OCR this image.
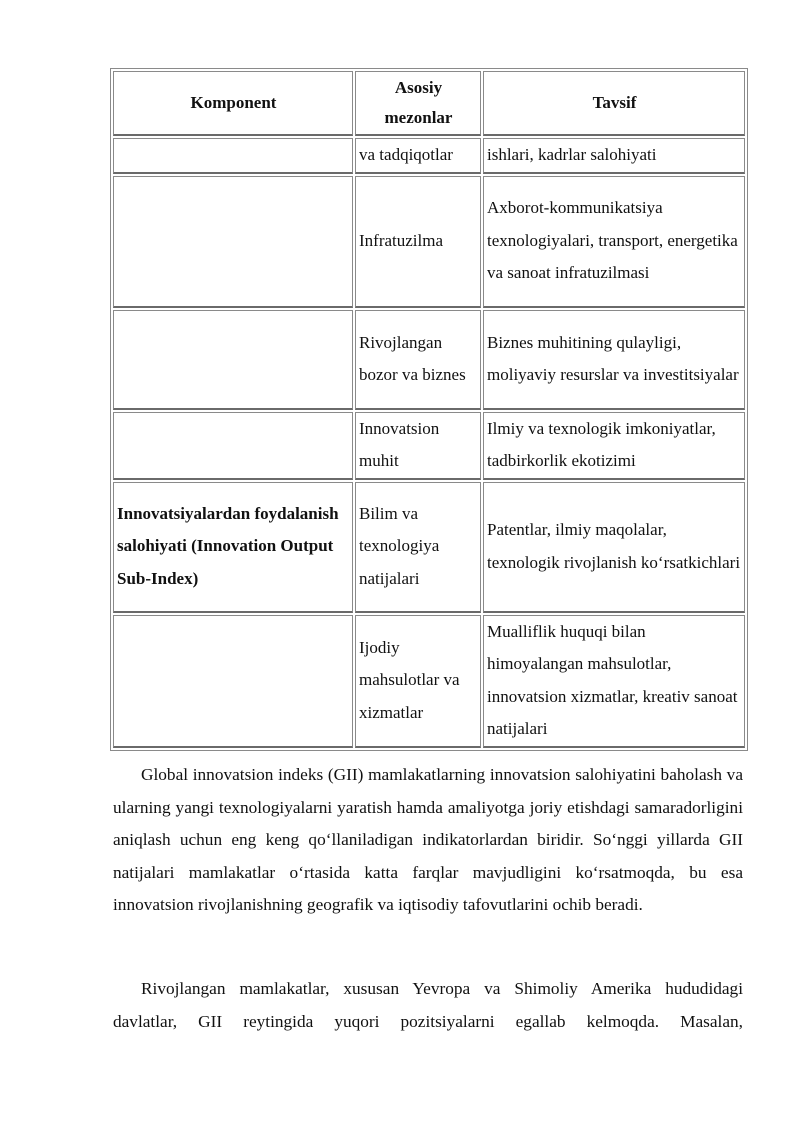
Komponent	Asosiy mezonlar	Tavsif
	va tadqiqotlar	ishlari, kadrlar salohiyati
	Infratuzilma	Axborot-kommunikatsiya texnologiyalari, transport, energetika va sanoat infratuzilmasi
	Rivojlangan bozor va biznes	Biznes muhitining qulayligi, moliyaviy resurslar va investitsiyalar
	Innovatsion muhit	Ilmiy va texnologik imkoniyatlar, tadbirkorlik ekotizimi
Innovatsiyalardan foydalanish salohiyati (Innovation Output Sub-Index)	Bilim va texnologiya natijalari	Patentlar, ilmiy maqolalar, texnologik rivojlanish ko‘rsatkichlari
	Ijodiy mahsulotlar va xizmatlar	Mualliflik huquqi bilan himoyalangan mahsulotlar, innovatsion xizmatlar, kreativ sanoat natijalari

Global innovatsion indeks (GII) mamlakatlarning innovatsion salohiyatini baholash va ularning yangi texnologiyalarni yaratish hamda amaliyotga joriy etishdagi samaradorligini aniqlash uchun eng keng qo‘llaniladigan indikatorlardan biridir. So‘nggi yillarda GII natijalari mamlakatlar o‘rtasida katta farqlar mavjudligini ko‘rsatmoqda, bu esa innovatsion rivojlanishning geografik va iqtisodiy tafovutlarini ochib beradi.

Rivojlangan mamlakatlar, xususan Yevropa va Shimoliy Amerika hududidagi davlatlar, GII reytingida yuqori pozitsiyalarni egallab kelmoqda. Masalan,
